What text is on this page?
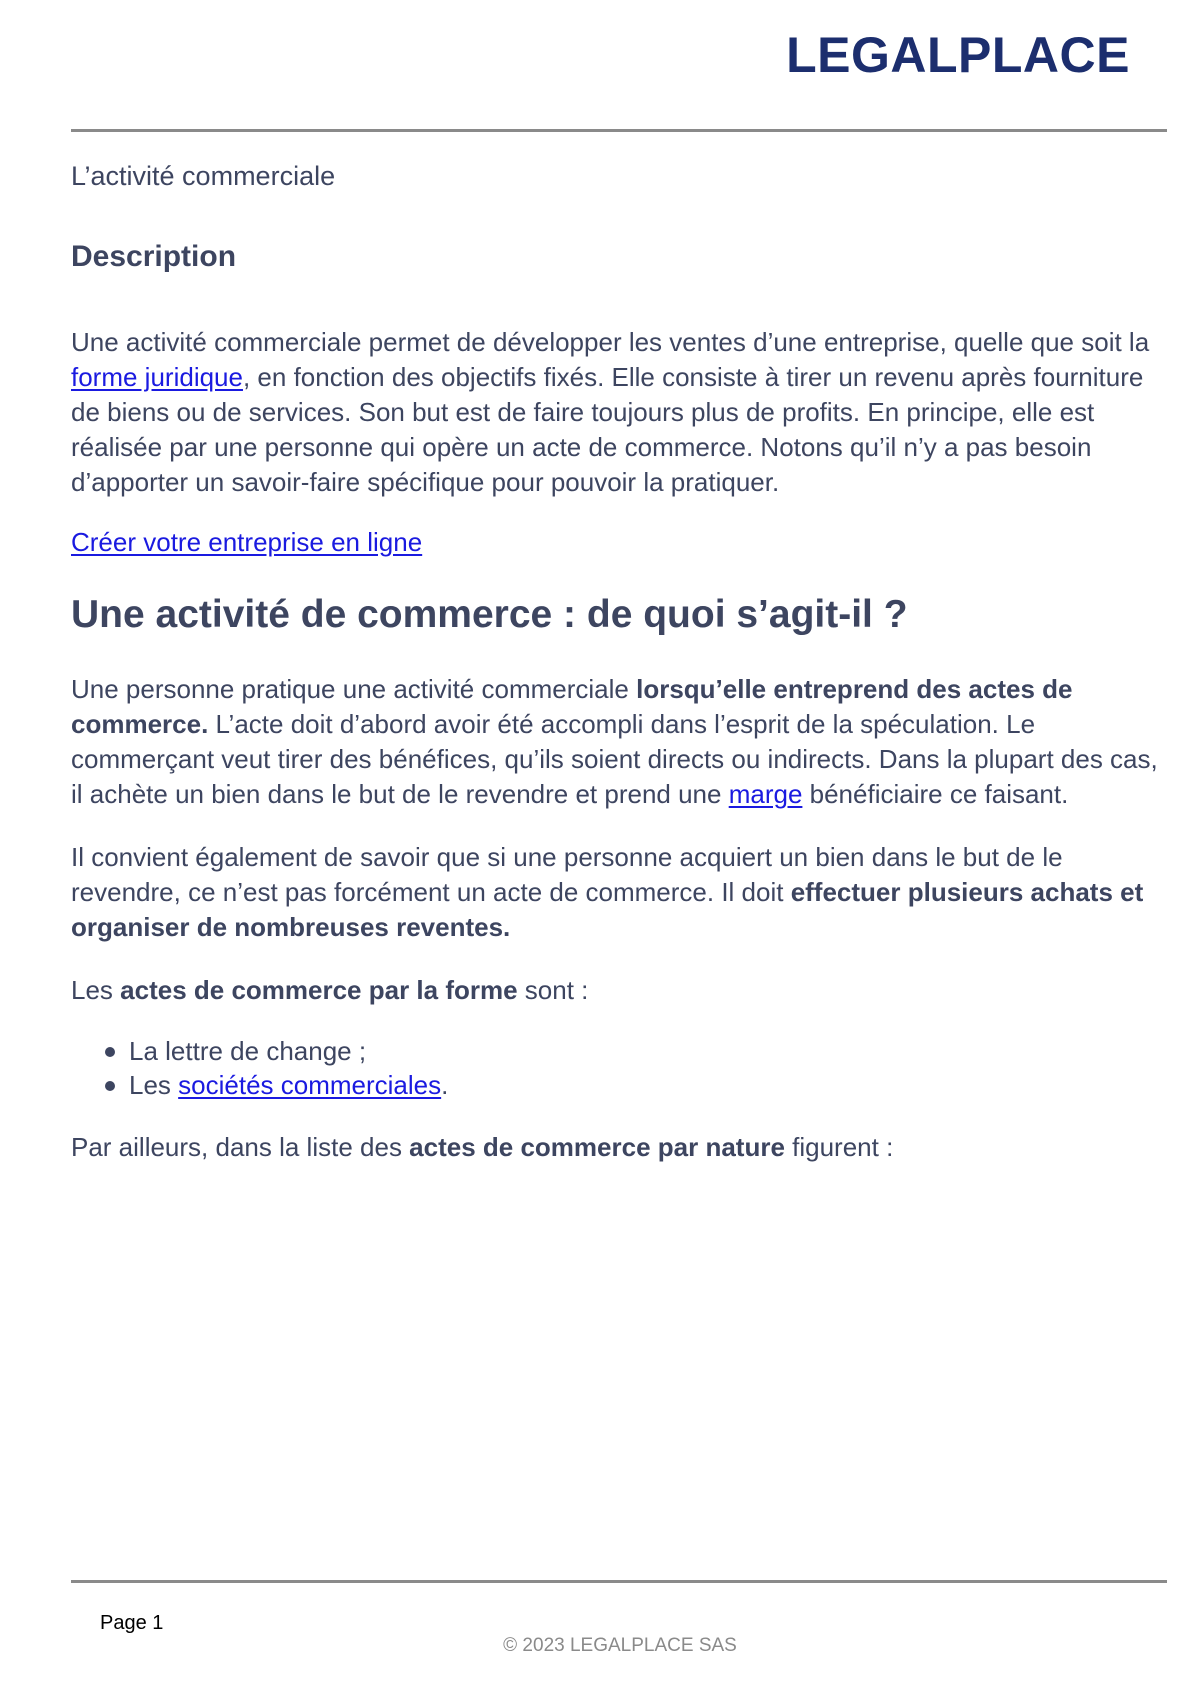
LEGALPLACE

L’activité commerciale

Description

Une activité commerciale permet de développer les ventes d’une entreprise, quelle que soit la forme juridique, en fonction des objectifs fixés. Elle consiste à tirer un revenu après fourniture de biens ou de services. Son but est de faire toujours plus de profits. En principe, elle est réalisée par une personne qui opère un acte de commerce. Notons qu’il n’y a pas besoin d’apporter un savoir-faire spécifique pour pouvoir la pratiquer.

Créer votre entreprise en ligne

Une activité de commerce : de quoi s’agit-il ?

Une personne pratique une activité commerciale lorsqu’elle entreprend des actes de commerce. L’acte doit d’abord avoir été accompli dans l’esprit de la spéculation. Le commerçant veut tirer des bénéfices, qu’ils soient directs ou indirects. Dans la plupart des cas, il achète un bien dans le but de le revendre et prend une marge bénéficiaire ce faisant.

Il convient également de savoir que si une personne acquiert un bien dans le but de le revendre, ce n’est pas forcément un acte de commerce. Il doit effectuer plusieurs achats et organiser de nombreuses reventes.

Les actes de commerce par la forme sont :

La lettre de change ;
Les sociétés commerciales.

Par ailleurs, dans la liste des actes de commerce par nature figurent :

Page 1
© 2023 LEGALPLACE SAS
